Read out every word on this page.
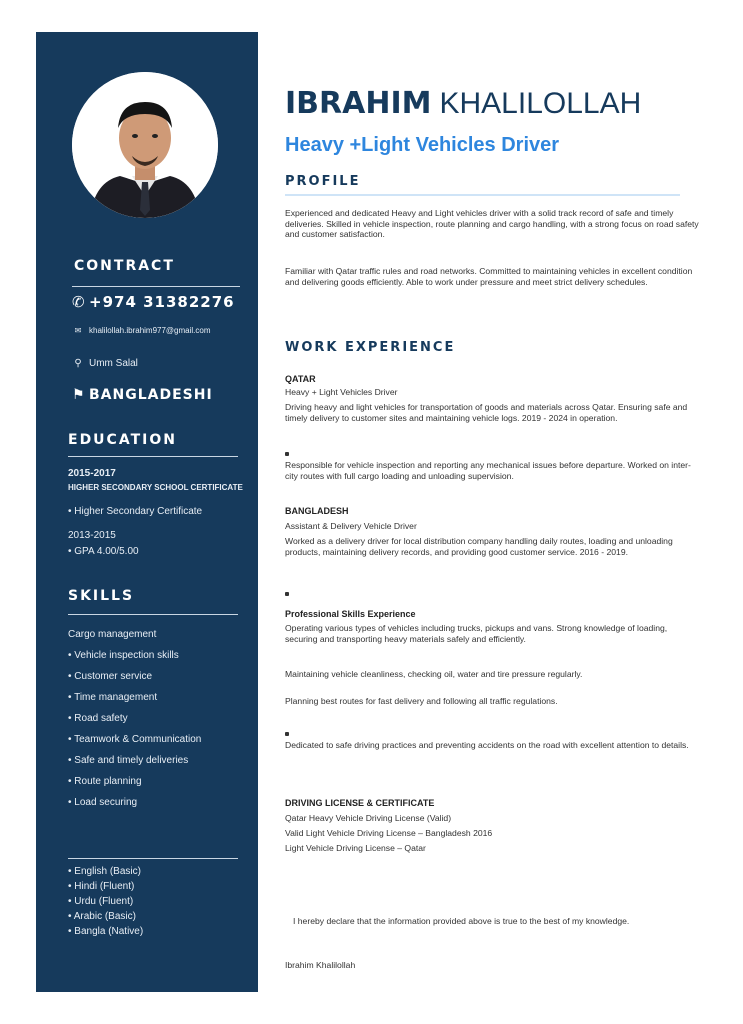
CONTRACT
✆ +974 31382276
✉ khalilollah.ibrahim977@gmail.com
⚲ Umm Salal
⚑ BANGLADESHI
EDUCATION
2015-2017
HIGHER SECONDARY SCHOOL CERTIFICATE
• Higher Secondary Certificate
2013-2015
• GPA 4.00/5.00
SKILLS
Cargo management
• Vehicle inspection skills
• Customer service
• Time management
• Road safety
• Teamwork & Communication
• Safe and timely deliveries
• Route planning
• Load securing
• English (Basic)
• Hindi (Fluent)
• Urdu (Fluent)
• Arabic (Basic)
• Bangla (Native)
IBRAHIM KHALILOLLAH
Heavy +Light Vehicles Driver
PROFILE

Experienced and dedicated Heavy and Light vehicles driver with a solid track record of safe and timely deliveries. Skilled in vehicle inspection, route planning and cargo handling, with a strong focus on road safety and customer satisfaction.

Familiar with Qatar traffic rules and road networks. Committed to maintaining vehicles in excellent condition and delivering goods efficiently. Able to work under pressure and meet strict delivery schedules.

WORK EXPERIENCE
QATAR
Heavy + Light Vehicles Driver

Driving heavy and light vehicles for transportation of goods and materials across Qatar. Ensuring safe and timely delivery to customer sites and maintaining vehicle logs. 2019 - 2024 in operation.

Responsible for vehicle inspection and reporting any mechanical issues before departure. Worked on inter-city routes with full cargo loading and unloading supervision.

BANGLADESH
Assistant & Delivery Vehicle Driver

Worked as a delivery driver for local distribution company handling daily routes, loading and unloading products, maintaining delivery records, and providing good customer service. 2016 - 2019.

Professional Skills Experience

Operating various types of vehicles including trucks, pickups and vans. Strong knowledge of loading, securing and transporting heavy materials safely and efficiently.

Maintaining vehicle cleanliness, checking oil, water and tire pressure regularly.

Planning best routes for fast delivery and following all traffic regulations.

Dedicated to safe driving practices and preventing accidents on the road with excellent attention to details.

DRIVING LICENSE & CERTIFICATE
Qatar Heavy Vehicle Driving License (Valid)
Valid Light Vehicle Driving License – Bangladesh 2016
Light Vehicle Driving License – Qatar
I hereby declare that the information provided above is true to the best of my knowledge.
Ibrahim Khalilollah
